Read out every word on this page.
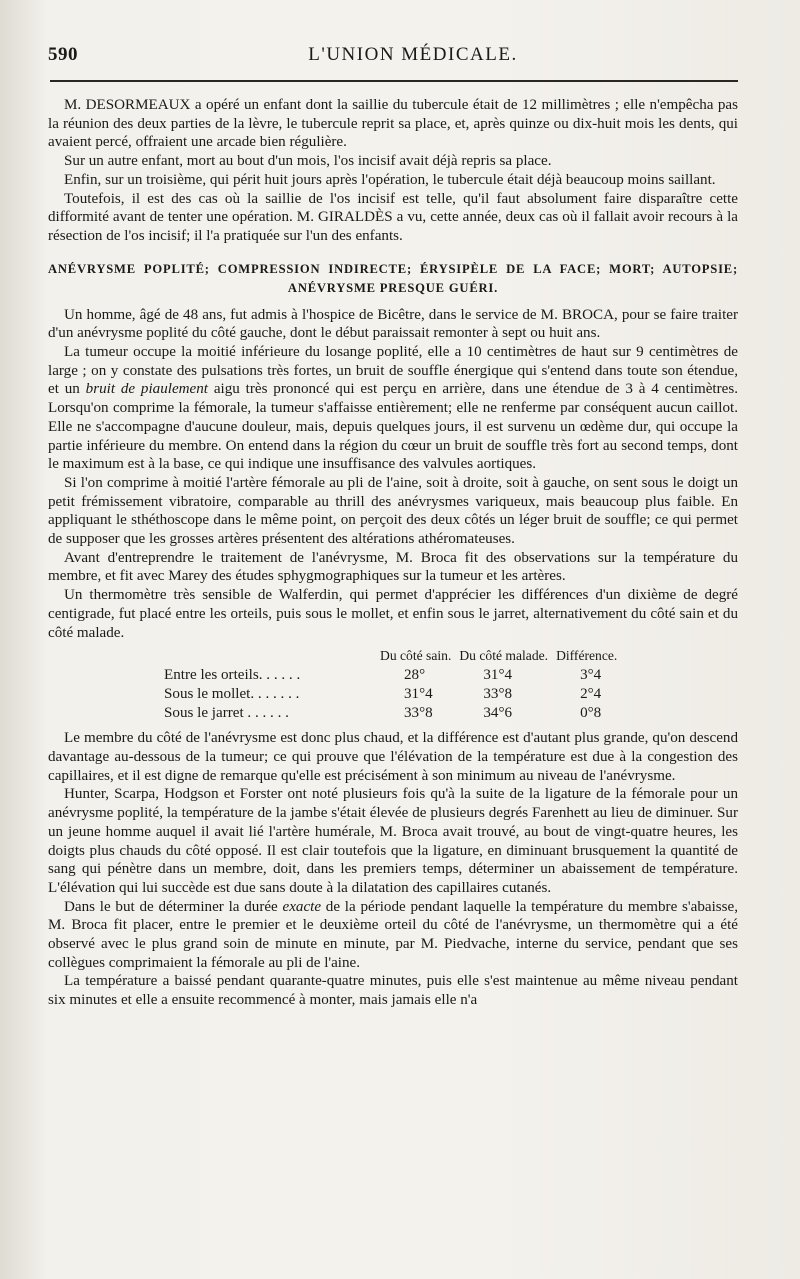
590	L'UNION MÉDICALE.

M. DESORMEAUX a opéré un enfant dont la saillie du tubercule était de 12 millimètres ; elle n'empêcha pas la réunion des deux parties de la lèvre, le tubercule reprit sa place, et, après quinze ou dix-huit mois les dents, qui avaient percé, offraient une arcade bien régulière.

Sur un autre enfant, mort au bout d'un mois, l'os incisif avait déjà repris sa place.

Enfin, sur un troisième, qui périt huit jours après l'opération, le tubercule était déjà beaucoup moins saillant.

Toutefois, il est des cas où la saillie de l'os incisif est telle, qu'il faut absolument faire disparaître cette difformité avant de tenter une opération. M. GIRALDÈS a vu, cette année, deux cas où il fallait avoir recours à la résection de l'os incisif; il l'a pratiquée sur l'un des enfants.

ANÉVRYSME POPLITÉ; COMPRESSION INDIRECTE; ÉRYSIPÈLE DE LA FACE; MORT; AUTOPSIE;
ANÉVRYSME PRESQUE GUÉRI.

Un homme, âgé de 48 ans, fut admis à l'hospice de Bicêtre, dans le service de M. BROCA, pour se faire traiter d'un anévrysme poplité du côté gauche, dont le début paraissait remonter à sept ou huit ans.

La tumeur occupe la moitié inférieure du losange poplité, elle a 10 centimètres de haut sur 9 centimètres de large ; on y constate des pulsations très fortes, un bruit de souffle énergique qui s'entend dans toute son étendue, et un bruit de piaulement aigu très prononcé qui est perçu en arrière, dans une étendue de 3 à 4 centimètres. Lorsqu'on comprime la fémorale, la tumeur s'affaisse entièrement; elle ne renferme par conséquent aucun caillot. Elle ne s'accompagne d'aucune douleur, mais, depuis quelques jours, il est survenu un œdème dur, qui occupe la partie inférieure du membre. On entend dans la région du cœur un bruit de souffle très fort au second temps, dont le maximum est à la base, ce qui indique une insuffisance des valvules aortiques.

Si l'on comprime à moitié l'artère fémorale au pli de l'aine, soit à droite, soit à gauche, on sent sous le doigt un petit frémissement vibratoire, comparable au thrill des anévrysmes variqueux, mais beaucoup plus faible. En appliquant le sthéthoscope dans le même point, on perçoit des deux côtés un léger bruit de souffle; ce qui permet de supposer que les grosses artères présentent des altérations athéromateuses.

Avant d'entreprendre le traitement de l'anévrysme, M. Broca fit des observations sur la température du membre, et fit avec Marey des études sphygmographiques sur la tumeur et les artères.

Un thermomètre très sensible de Walferdin, qui permet d'apprécier les différences d'un dixième de degré centigrade, fut placé entre les orteils, puis sous le mollet, et enfin sous le jarret, alternativement du côté sain et du côté malade.

	Du côté sain.	Du côté malade.	Différence.
Entre les orteils. . . . . .	28°	31°4	3°4
Sous le mollet. . . . . . .	31°4	33°8	2°4
Sous le jarret . . . . . .	33°8	34°6	0°8

Le membre du côté de l'anévrysme est donc plus chaud, et la différence est d'autant plus grande, qu'on descend davantage au-dessous de la tumeur; ce qui prouve que l'élévation de la température est due à la congestion des capillaires, et il est digne de remarque qu'elle est précisément à son minimum au niveau de l'anévrysme.

Hunter, Scarpa, Hodgson et Forster ont noté plusieurs fois qu'à la suite de la ligature de la fémorale pour un anévrysme poplité, la température de la jambe s'était élevée de plusieurs degrés Farenhett au lieu de diminuer. Sur un jeune homme auquel il avait lié l'artère humérale, M. Broca avait trouvé, au bout de vingt-quatre heures, les doigts plus chauds du côté opposé. Il est clair toutefois que la ligature, en diminuant brusquement la quantité de sang qui pénètre dans un membre, doit, dans les premiers temps, déterminer un abaissement de température. L'élévation qui lui succède est due sans doute à la dilatation des capillaires cutanés.

Dans le but de déterminer la durée exacte de la période pendant laquelle la température du membre s'abaisse, M. Broca fit placer, entre le premier et le deuxième orteil du côté de l'anévrysme, un thermomètre qui a été observé avec le plus grand soin de minute en minute, par M. Piedvache, interne du service, pendant que ses collègues comprimaient la fémorale au pli de l'aine.

La température a baissé pendant quarante-quatre minutes, puis elle s'est maintenue au même niveau pendant six minutes et elle a ensuite recommencé à monter, mais jamais elle n'a
